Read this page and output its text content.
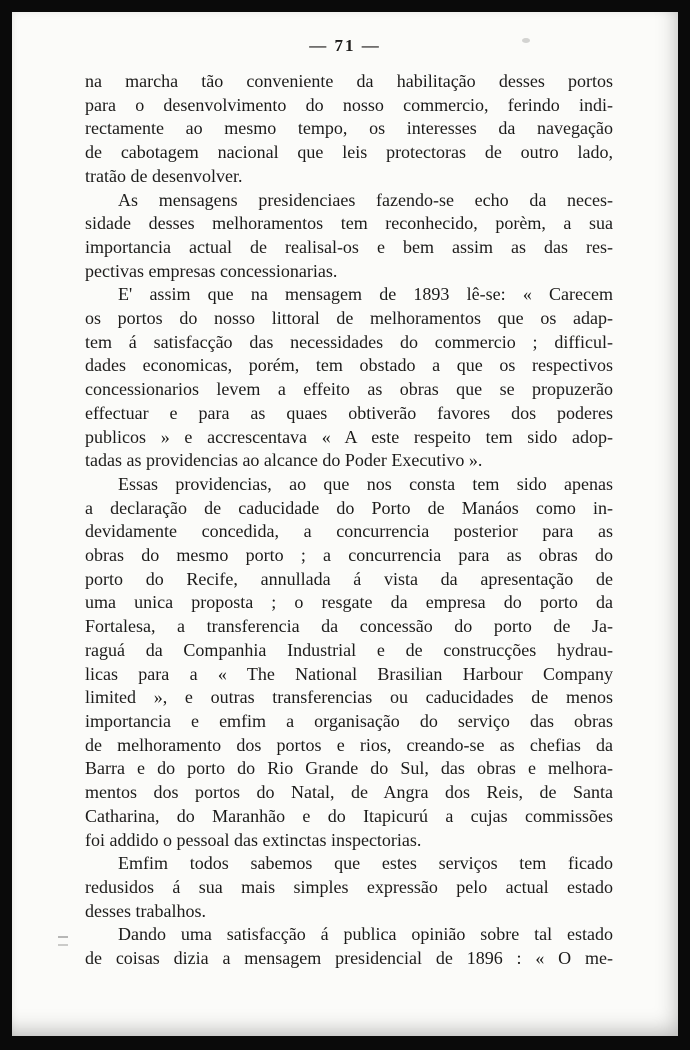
— 71 —
na marcha tão conveniente da habilitação desses portos
para o desenvolvimento do nosso commercio, ferindo indi-
rectamente ao mesmo tempo, os interesses da navegação
de cabotagem nacional que leis protectoras de outro lado,
tratão de desenvolver.
As mensagens presidenciaes fazendo-se echo da neces-
sidade desses melhoramentos tem reconhecido, porèm, a sua
importancia actual de realisal-os e bem assim as das res-
pectivas empresas concessionarias.
E' assim que na mensagem de 1893 lê-se: « Carecem
os portos do nosso littoral de melhoramentos que os adap-
tem á satisfacção das necessidades do commercio ; difficul-
dades economicas, porém, tem obstado a que os respectivos
concessionarios levem a effeito as obras que se propuzerão
effectuar e para as quaes obtiverão favores dos poderes
publicos » e accrescentava « A este respeito tem sido adop-
tadas as providencias ao alcance do Poder Executivo ».
Essas providencias, ao que nos consta tem sido apenas
a declaração de caducidade do Porto de Manáos como in-
devidamente concedida, a concurrencia posterior para as
obras do mesmo porto ; a concurrencia para as obras do
porto do Recife, annullada á vista da apresentação de
uma unica proposta ; o resgate da empresa do porto da
Fortalesa, a transferencia da concessão do porto de Ja-
raguá da Companhia Industrial e de construcções hydrau-
licas para a « The National Brasilian Harbour Company
limited », e outras transferencias ou caducidades de menos
importancia e emfim a organisação do serviço das obras
de melhoramento dos portos e rios, creando-se as chefias da
Barra e do porto do Rio Grande do Sul, das obras e melhora-
mentos dos portos do Natal, de Angra dos Reis, de Santa
Catharina, do Maranhão e do Itapicurú a cujas commissões
foi addido o pessoal das extinctas inspectorias.
Emfim todos sabemos que estes serviços tem ficado
redusidos á sua mais simples expressão pelo actual estado
desses trabalhos.
Dando uma satisfacção á publica opinião sobre tal estado
de coisas dizia a mensagem presidencial de 1896 : « O me-
